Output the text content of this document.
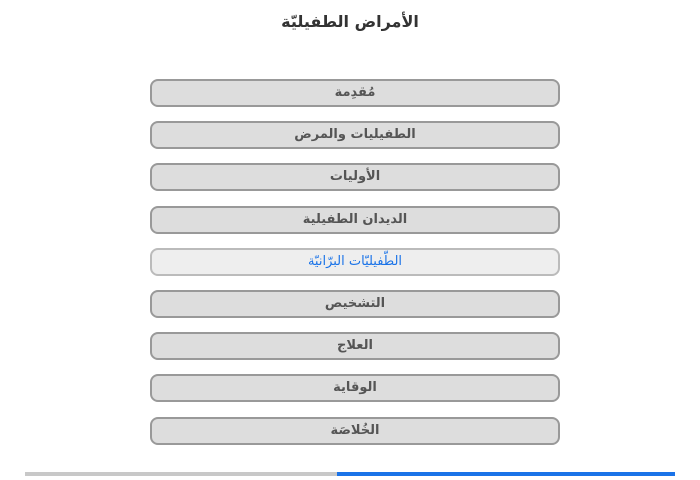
الأمراض الطفيليّة
مُقدِمة
الطفيليات والمرض
الأوليات
الديدان الطفيلية
الطّفيليّات البرّانيّة
التشخيص
العلاج
الوقاية
الخُلاصَة
